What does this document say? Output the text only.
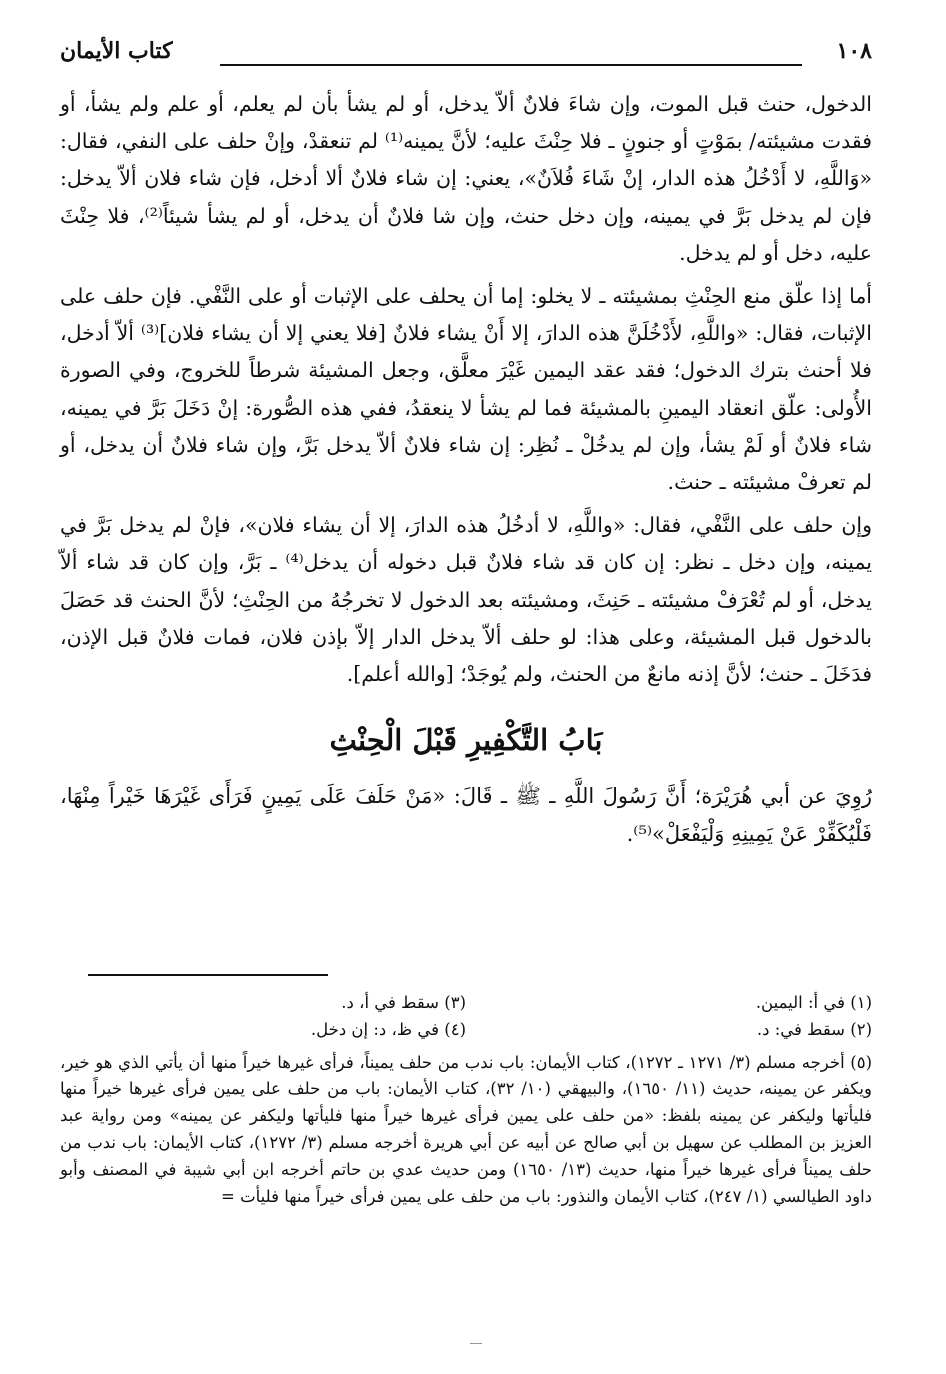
١٠٨
كتاب الأيمان

الدخول، حنث قبل الموت، وإن شاءَ فلانٌ ألاّ يدخل، أو لم يشأ بأن لم يعلم، أو علم ولم يشأ، أو فقدت مشيئته/ بمَوْتٍ أو جنونٍ ـ فلا حِنْثَ عليه؛ لأنَّ يمينه⁽¹⁾ لم تنعقدْ، وإنْ حلف على النفي، فقال: «وَاللَّهِ، لا أَدْخُلُ هذه الدار، إنْ شَاءَ فُلاَنٌ»، يعني: إن شاء فلانٌ ألا أدخل، فإن شاء فلان ألاّ يدخل: فإن لم يدخل بَرَّ في يمينه، وإن دخل حنث، وإن شا فلانٌ أن يدخل، أو لم يشأ شيئاً⁽²⁾، فلا حِنْثَ عليه، دخل أو لم يدخل.

أما إذا علّق منع الحِنْثِ بمشيئته ـ لا يخلو: إما أن يحلف على الإثبات أو على النَّفْي. فإن حلف على الإثبات، فقال: «واللَّهِ، لأَدْخُلَنَّ هذه الدارَ، إلا أَنْ يشاء فلانٌ [فلا يعني إلا أن يشاء فلان]⁽³⁾ ألاّ أدخل، فلا أحنث بترك الدخول؛ فقد عقد اليمين غَيْرَ معلَّق، وجعل المشيئة شرطاً للخروج، وفي الصورة الأُولى: علّق انعقاد اليمينِ بالمشيئة فما لم يشأ لا ينعقدُ، ففي هذه الصُّورة: إنْ دَخَلَ بَرَّ في يمينه، شاء فلانٌ أو لَمْ يشأ، وإن لم يدخُلْ ـ نُظِر: إن شاء فلانٌ ألاّ يدخل بَرَّ، وإن شاء فلانٌ أن يدخل، أو لم تعرفْ مشيئته ـ حنث.

وإن حلف على النَّفْي، فقال: «واللَّهِ، لا أدخُلُ هذه الدارَ، إلا أن يشاء فلان»، فإنْ لم يدخل بَرَّ في يمينه، وإن دخل ـ نظر: إن كان قد شاء فلانٌ قبل دخوله أن يدخل⁽⁴⁾ ـ بَرَّ، وإن كان قد شاء ألاّ يدخل، أو لم تُعْرَفْ مشيئته ـ حَنِثَ، ومشيئته بعد الدخول لا تخرجُهُ من الحِنْثِ؛ لأنَّ الحنث قد حَصَلَ بالدخول قبل المشيئة، وعلى هذا: لو حلف ألاّ يدخل الدار إلاّ بإذن فلان، فمات فلانٌ قبل الإذن، فدَخَلَ ـ حنث؛ لأنَّ إذنه مانعٌ من الحنث، ولم يُوجَدْ؛ [والله أعلم].

بَابُ التَّكْفِيرِ قَبْلَ الْحِنْثِ

رُوِيَ عن أبي هُرَيْرَة؛ أَنَّ رَسُولَ اللَّهِ ـ ﷺ ـ قَالَ: «مَنْ حَلَفَ عَلَى يَمِينٍ فَرَأَى غَيْرَهَا خَيْراً مِنْهَا، فَلْيُكَفِّرْ عَنْ يَمِينِهِ وَلْيَفْعَلْ»⁽⁵⁾.

(١) في أ: اليمين.
(٣) سقط في أ، د.
(٢) سقط في: د.
(٤) في ظ، د: إن دخل.
(٥) أخرجه مسلم (٣/ ١٢٧١ ـ ١٢٧٢)، كتاب الأيمان: باب ندب من حلف يميناً، فرأى غيرها خيراً منها أن يأتي الذي هو خير، ويكفر عن يمينه، حديث (١١/ ١٦٥٠)، والبيهقي (١٠/ ٣٢)، كتاب الأيمان: باب من حلف على يمين فرأى غيرها خيراً منها فليأتها وليكفر عن يمينه بلفظ: «من حلف على يمين فرأى غيرها خيراً منها فليأتها وليكفر عن يمينه» ومن رواية عبد العزيز بن المطلب عن سهيل بن أبي صالح عن أبيه عن أبي هريرة أخرجه مسلم (٣/ ١٢٧٢)، كتاب الأيمان: باب ندب من حلف يميناً فرأى غيرها خيراً منها، حديث (١٣/ ١٦٥٠) ومن حديث عدي بن حاتم أخرجه ابن أبي شيبة في المصنف وأبو داود الطيالسي (١/ ٢٤٧)، كتاب الأيمان والنذور: باب من حلف على يمين فرأى خيراً منها فليأت =
